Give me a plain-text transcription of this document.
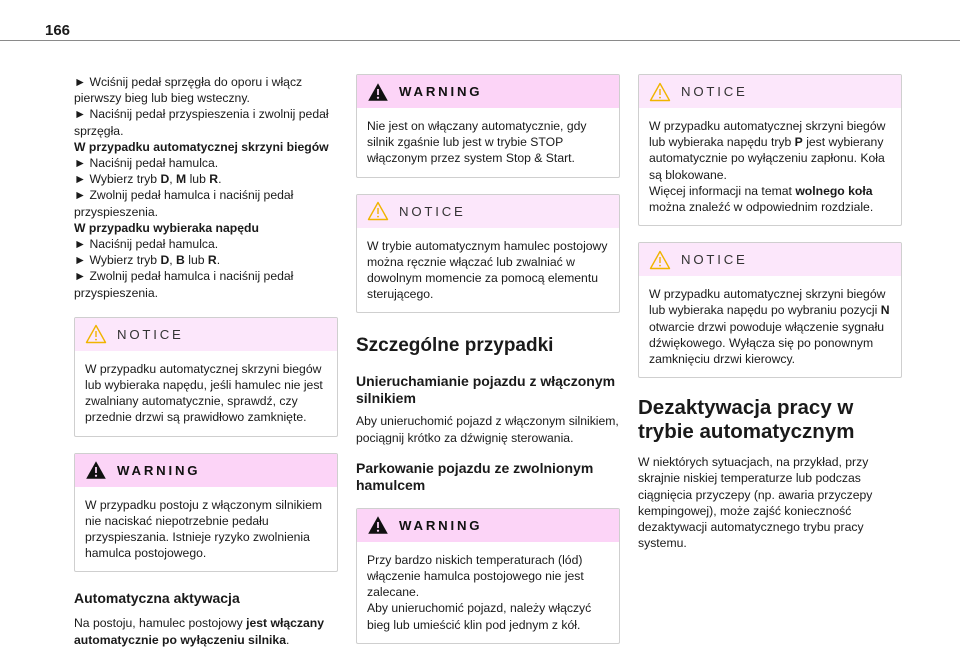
166

► Wciśnij pedał sprzęgła do oporu i włącz

pierwszy bieg lub bieg wsteczny.

► Naciśnij pedał przyspieszenia i zwolnij pedał

sprzęgła.

W przypadku automatycznej skrzyni biegów

► Naciśnij pedał hamulca.

► Wybierz tryb D, M lub R.

► Zwolnij pedał hamulca i naciśnij pedał

przyspieszenia.

W przypadku wybieraka napędu

► Naciśnij pedał hamulca.

► Wybierz tryb D, B lub R.

► Zwolnij pedał hamulca i naciśnij pedał

przyspieszenia.

NOTICE
W przypadku automatycznej skrzyni biegów lub wybieraka napędu, jeśli hamulec nie jest zwalniany automatycznie, sprawdź, czy przednie drzwi są prawidłowo zamknięte.
WARNING
W przypadku postoju z włączonym silnikiem nie naciskać niepotrzebnie pedału przyspieszania. Istnieje ryzyko zwolnienia hamulca postojowego.
Automatyczna aktywacja

Na postoju, hamulec postojowy jest włączany automatycznie po wyłączeniu silnika.

WARNING
Nie jest on włączany automatycznie, gdy silnik zgaśnie lub jest w trybie STOP włączonym przez system Stop & Start.
NOTICE
W trybie automatycznym hamulec postojowy można ręcznie włączać lub zwalniać w dowolnym momencie za pomocą elementu sterującego.
Szczególne przypadki
Unieruchamianie pojazdu z włączonym silnikiem

Aby unieruchomić pojazd z włączonym silnikiem, pociągnij krótko za dźwignię sterowania.

Parkowanie pojazdu ze zwolnionym hamulcem
WARNING
Przy bardzo niskich temperaturach (lód) włączenie hamulca postojowego nie jest zalecane.
Aby unieruchomić pojazd, należy włączyć bieg lub umieścić klin pod jednym z kół.
NOTICE
W przypadku automatycznej skrzyni biegów lub wybieraka napędu tryb P jest wybierany automatycznie po wyłączeniu zapłonu. Koła są blokowane.
Więcej informacji na temat wolnego koła można znaleźć w odpowiednim rozdziale.
NOTICE
W przypadku automatycznej skrzyni biegów lub wybieraka napędu po wybraniu pozycji N otwarcie drzwi powoduje włączenie sygnału dźwiękowego. Wyłącza się po ponownym zamknięciu drzwi kierowcy.
Dezaktywacja pracy w trybie automatycznym

W niektórych sytuacjach, na przykład, przy skrajnie niskiej temperaturze lub podczas ciągnięcia przyczepy (np. awaria przyczepy kempingowej), może zajść konieczność dezaktywacji automatycznego trybu pracy systemu.
